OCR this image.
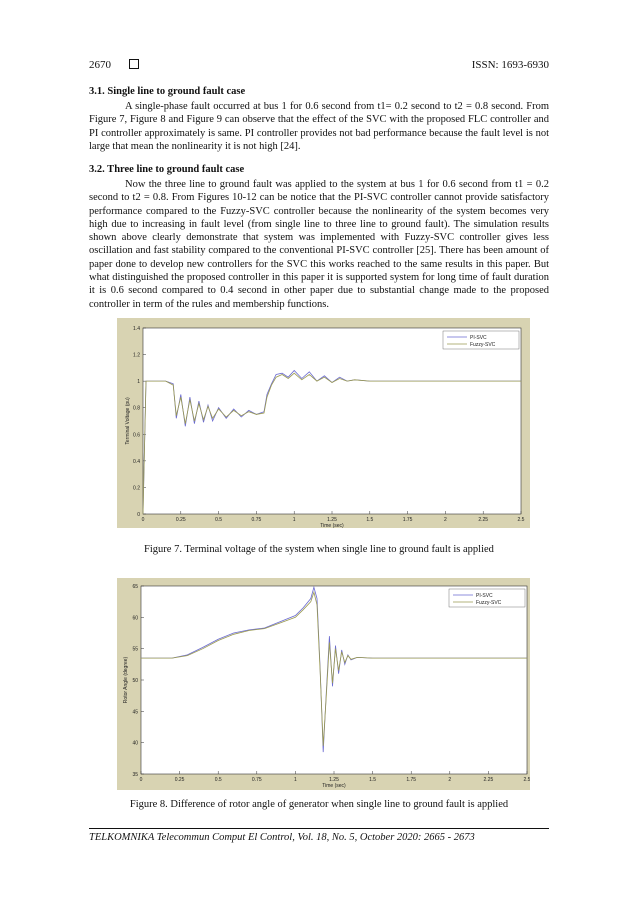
2670	ISSN: 1693-6930
3.1. Single line to ground fault case

A single-phase fault occurred at bus 1 for 0.6 second from t1= 0.2 second to t2 = 0.8 second. From Figure 7, Figure 8 and Figure 9 can observe that the effect of the SVC with the proposed FLC controller and PI controller approximately is same. PI controller provides not bad performance because the fault level is not large that mean the nonlinearity it is not high [24].

3.2. Three line to ground fault case

Now the three line to ground fault was applied to the system at bus 1 for 0.6 second from t1 = 0.2 second to t2 = 0.8. From Figures 10-12 can be notice that the PI-SVC controller cannot provide satisfactory performance compared to the Fuzzy-SVC controller because the nonlinearity of the system becomes very high due to increasing in fault level (from single line to three line to ground fault). The simulation results shown above clearly demonstrate that system was implemented with Fuzzy-SVC controller gives less oscillation and fast stability compared to the conventional PI-SVC controller [25]. There has been amount of paper done to develop new controllers for the SVC this works reached to the same results in this paper. But what distinguished the proposed controller in this paper it is supported system for long time of fault duration it is 0.6 second compared to 0.4 second in other paper due to substantial change made to the proposed controller in term of the rules and membership functions.

0	0.25	0.5	0.75	1	1.25	1.5	1.75	2	2.25	2.5
0
0.2
0.4
0.6
0.8
1
1.2
1.4
Time (sec)
Terminal Voltage (pu)
PI-SVC
Fuzzy-SVC
Figure 7. Terminal voltage of the system when single line to ground fault is applied
0	0.25	0.5	0.75	1	1.25	1.5	1.75	2	2.25	2.5
35
40
45
50
55
60
65
Time (sec)
Rotor Angle (degree)
PI-SVC
Fuzzy-SVC
Figure 8. Difference of rotor angle of generator when single line to ground fault is applied
TELKOMNIKA Telecommun Comput El Control, Vol. 18, No. 5, October 2020: 2665 - 2673
